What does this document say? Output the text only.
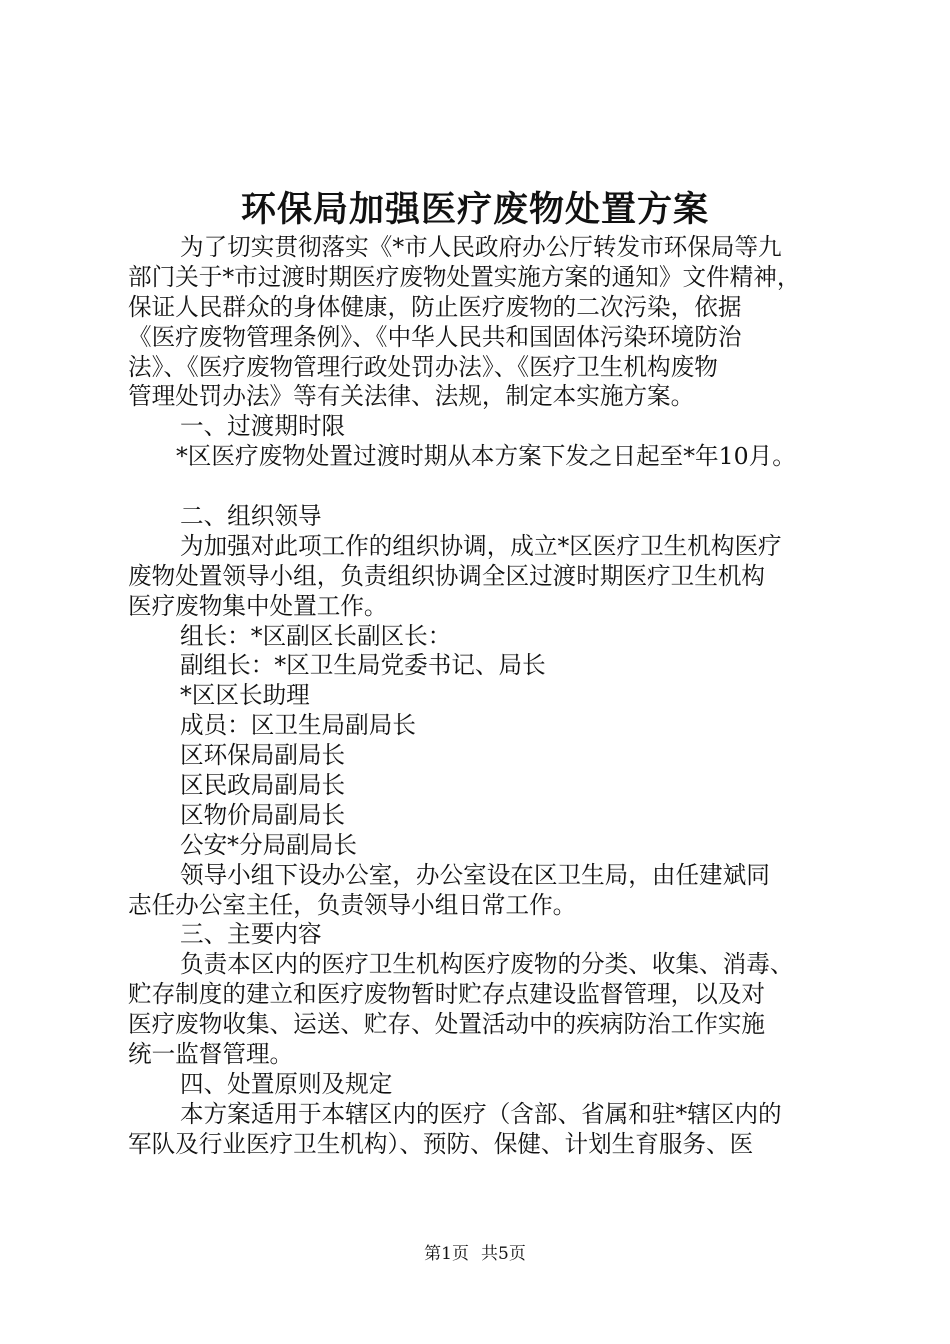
环保局加强医疗废物处置方案
为了切实贯彻落实《*市人民政府办公厅转发市环保局等九
部门关于*市过渡时期医疗废物处置实施方案的通知》文件精神，
保证人民群众的身体健康，防止医疗废物的二次污染，依据
《医疗废物管理条例》、《中华人民共和国固体污染环境防治
法》、《医疗废物管理行政处罚办法》、《医疗卫生机构废物
管理处罚办法》等有关法律、法规，制定本实施方案。
一、过渡期时限
*区医疗废物处置过渡时期从本方案下发之日起至*年10月。
二、组织领导
为加强对此项工作的组织协调，成立*区医疗卫生机构医疗
废物处置领导小组，负责组织协调全区过渡时期医疗卫生机构
医疗废物集中处置工作。
组长：*区副区长副区长：
副组长：*区卫生局党委书记、局长
*区区长助理
成员：区卫生局副局长
区环保局副局长
区民政局副局长
区物价局副局长
公安*分局副局长
领导小组下设办公室，办公室设在区卫生局，由任建斌同
志任办公室主任，负责领导小组日常工作。
三、主要内容
负责本区内的医疗卫生机构医疗废物的分类、收集、消毒、
贮存制度的建立和医疗废物暂时贮存点建设监督管理，以及对
医疗废物收集、运送、贮存、处置活动中的疾病防治工作实施
统一监督管理。
四、处置原则及规定
本方案适用于本辖区内的医疗（含部、省属和驻*辖区内的
军队及行业医疗卫生机构）、预防、保健、计划生育服务、医
第1页 共5页
